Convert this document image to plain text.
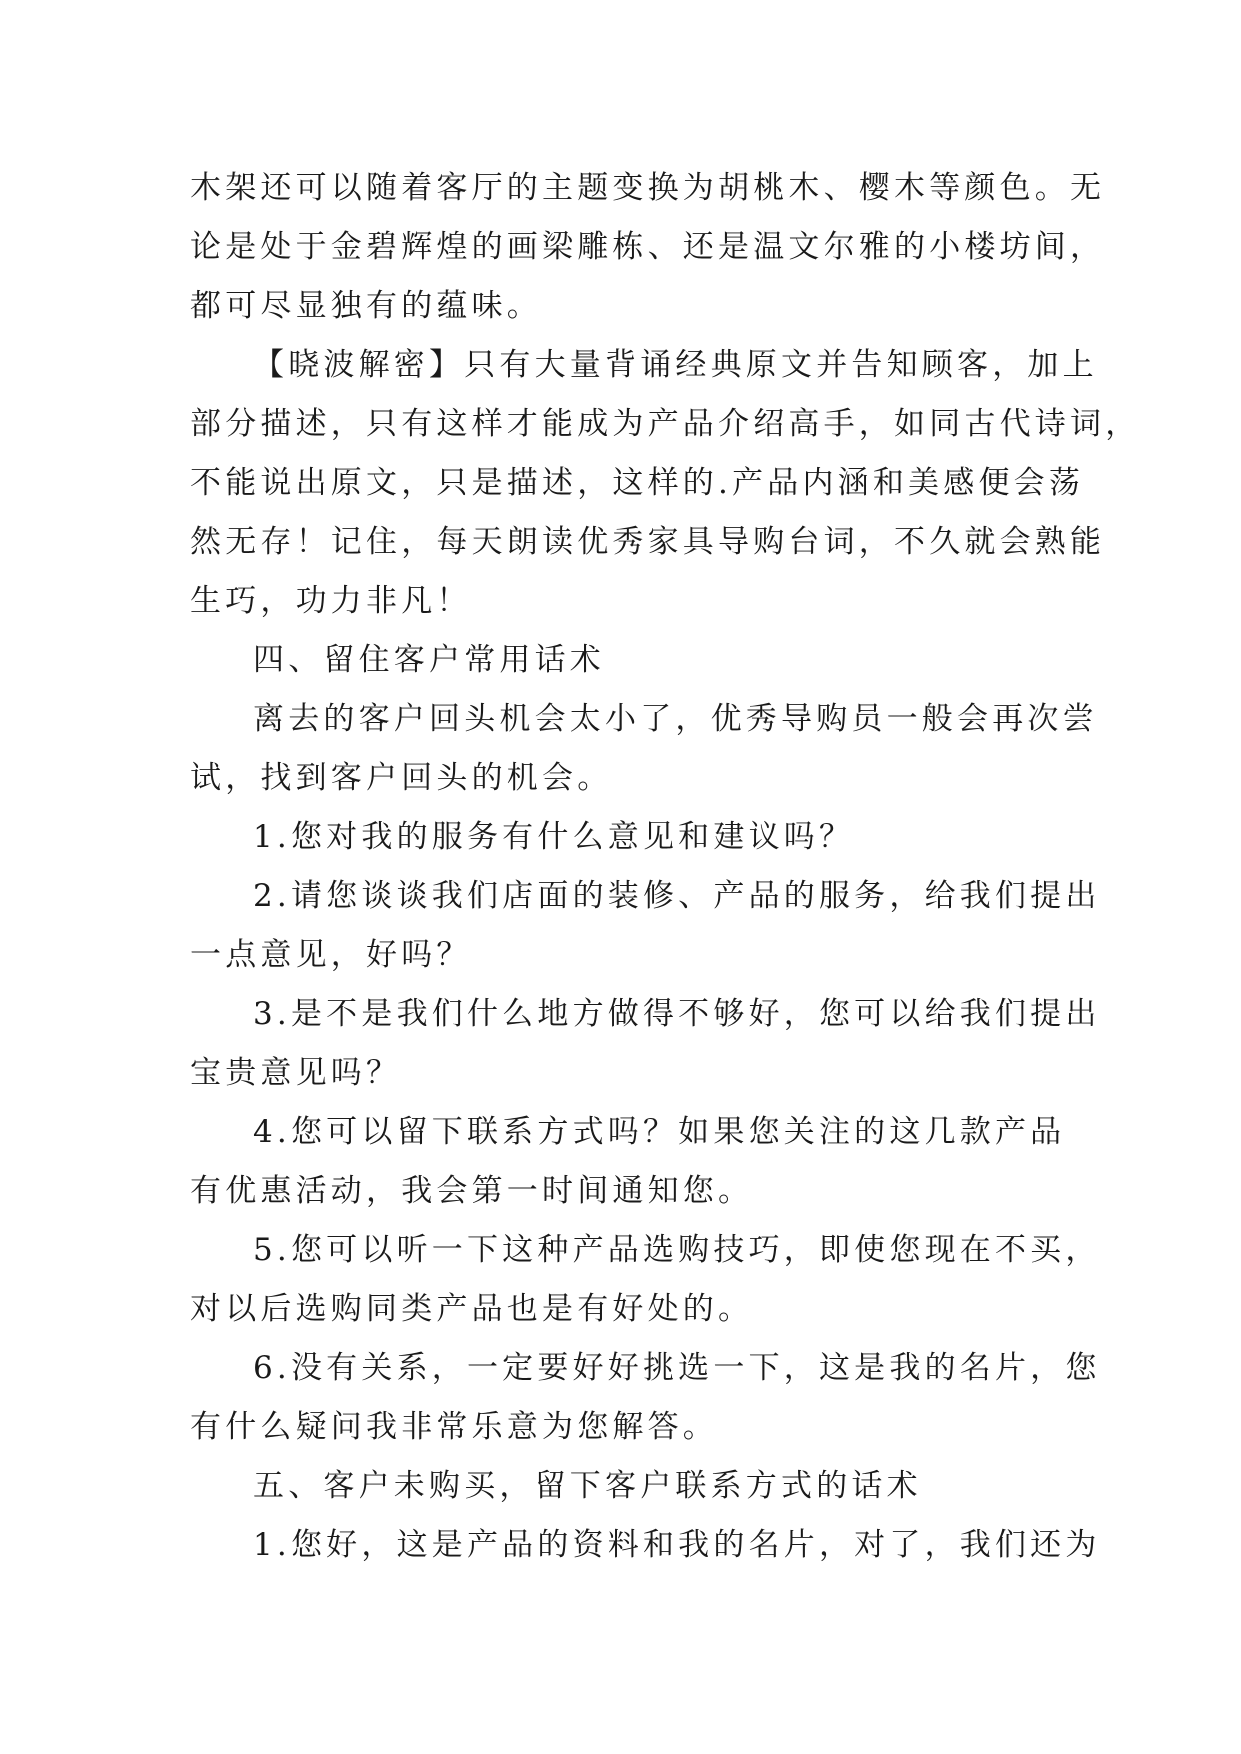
木架还可以随着客厅的主题变换为胡桃木、樱木等颜色。无
论是处于金碧辉煌的画梁雕栋、还是温文尔雅的小楼坊间，
都可尽显独有的蕴味。
【晓波解密】只有大量背诵经典原文并告知顾客，加上
部分描述，只有这样才能成为产品介绍高手，如同古代诗词，
不能说出原文，只是描述，这样的.产品内涵和美感便会荡
然无存！记住，每天朗读优秀家具导购台词，不久就会熟能
生巧，功力非凡！
四、留住客户常用话术
离去的客户回头机会太小了，优秀导购员一般会再次尝
试，找到客户回头的机会。
1.您对我的服务有什么意见和建议吗？
2.请您谈谈我们店面的装修、产品的服务，给我们提出
一点意见，好吗？
3.是不是我们什么地方做得不够好，您可以给我们提出
宝贵意见吗？
4.您可以留下联系方式吗？如果您关注的这几款产品
有优惠活动，我会第一时间通知您。
5.您可以听一下这种产品选购技巧，即使您现在不买，
对以后选购同类产品也是有好处的。
6.没有关系，一定要好好挑选一下，这是我的名片，您
有什么疑问我非常乐意为您解答。
五、客户未购买，留下客户联系方式的话术
1.您好，这是产品的资料和我的名片，对了，我们还为
